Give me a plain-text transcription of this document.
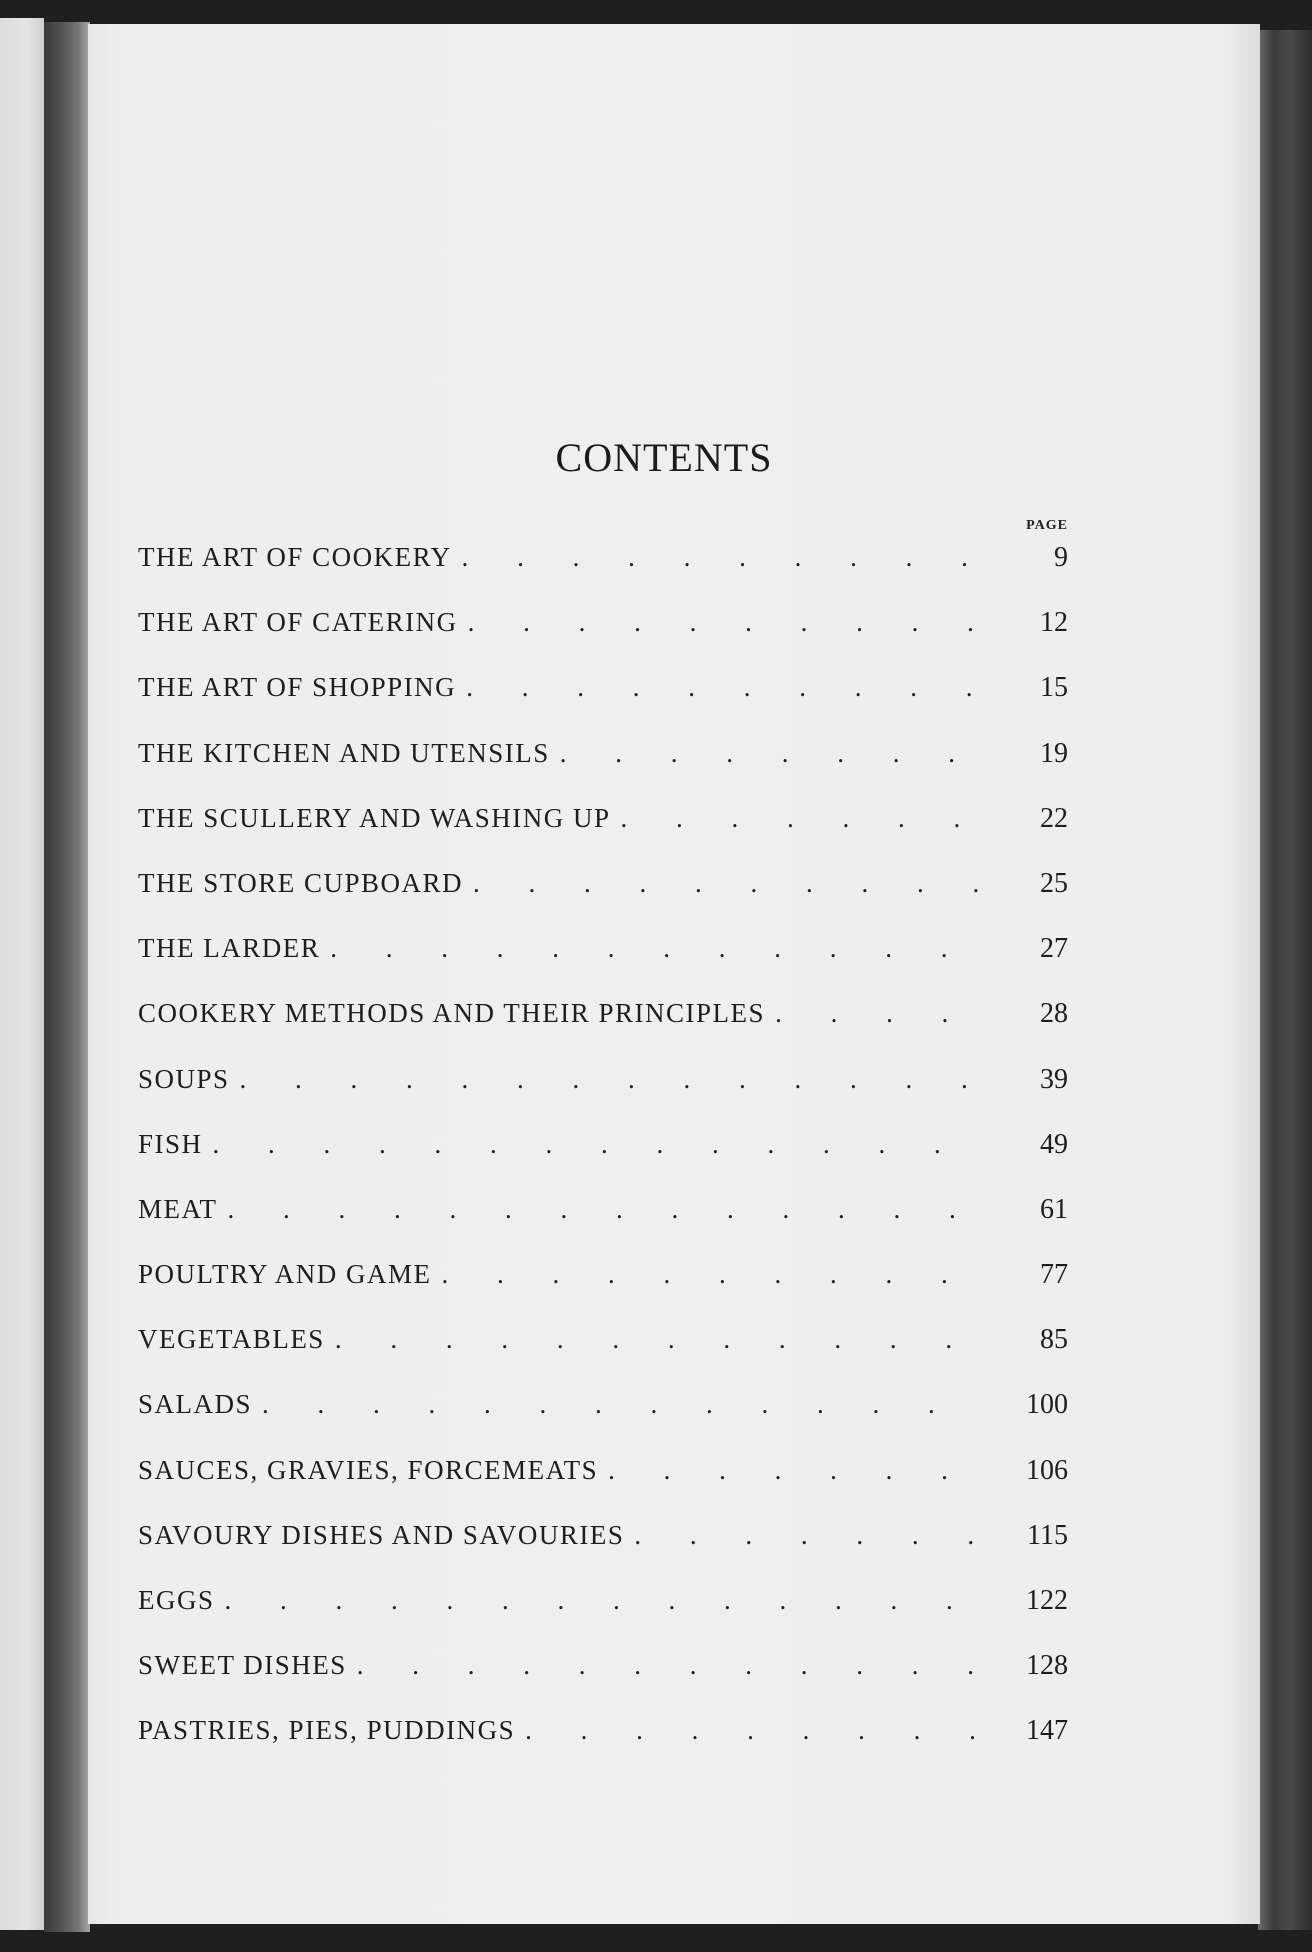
CONTENTS
PAGE
THE ART OF COOKERY . . .	9
THE ART OF CATERING . . .	12
THE ART OF SHOPPING . . .	15
THE KITCHEN AND UTENSILS . . .	19
THE SCULLERY AND WASHING UP . . .	22
THE STORE CUPBOARD . . .	25
THE LARDER . . .	27
COOKERY METHODS AND THEIR PRINCIPLES . . .	28
SOUPS . . .	39
FISH . . .	49
MEAT . . .	61
POULTRY AND GAME . . .	77
VEGETABLES . . .	85
SALADS . . .	100
SAUCES, GRAVIES, FORCEMEATS . . .	106
SAVOURY DISHES AND SAVOURIES . . .	115
EGGS . . .	122
SWEET DISHES . . .	128
PASTRIES, PIES, PUDDINGS . . .	147
